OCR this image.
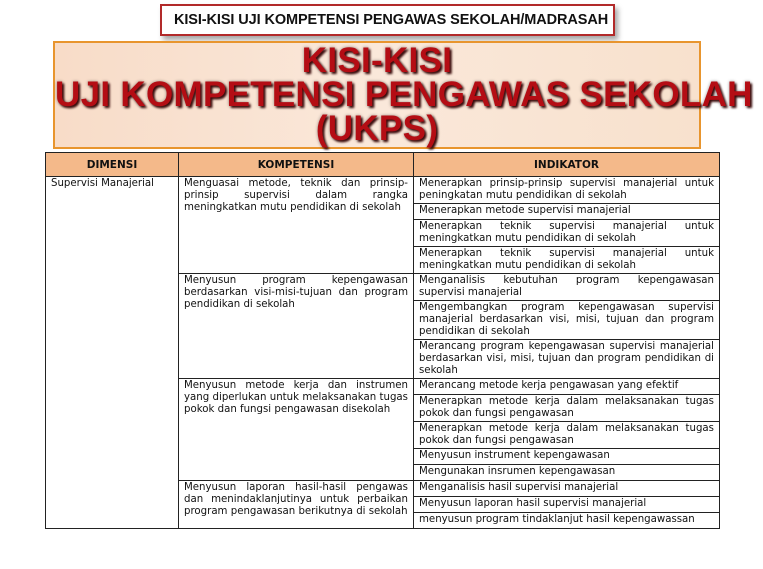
KISI-KISI UJI KOMPETENSI PENGAWAS SEKOLAH/MADRASAH
KISI-KISI
UJI KOMPETENSI PENGAWAS SEKOLAH
(UKPS)
DIMENSI	KOMPETENSI	INDIKATOR
Supervisi Manajerial	Menguasai metode, teknik dan prinsip-prinsip supervisi dalam rangka meningkatkan mutu pendidikan di sekolah	Menerapkan prinsip-prinsip supervisi manajerial untuk peningkatan mutu pendidikan di sekolah
		Menerapkan metode supervisi manajerial
		Menerapkan teknik supervisi manajerial untuk meningkatkan mutu pendidikan di sekolah
		Menerapkan teknik supervisi manajerial untuk meningkatkan mutu pendidikan di sekolah
	Menyusun program kepengawasan berdasarkan visi-misi-tujuan dan program pendidikan di sekolah	Menganalisis kebutuhan program kepengawasan supervisi manajerial
		Mengembangkan program kepengawasan supervisi manajerial berdasarkan visi, misi, tujuan dan program pendidikan di sekolah
		Merancang program kepengawasan supervisi manajerial berdasarkan visi, misi, tujuan dan program pendidikan di sekolah
	Menyusun metode kerja dan instrumen yang diperlukan untuk melaksanakan tugas pokok dan fungsi pengawasan disekolah	Merancang metode kerja pengawasan yang efektif
		Menerapkan metode kerja dalam melaksanakan tugas pokok dan fungsi pengawasan
		Menerapkan metode kerja dalam melaksanakan tugas pokok dan fungsi pengawasan
		Menyusun instrument kepengawasan
		Mengunakan insrumen kepengawasan
	Menyusun laporan hasil-hasil pengawas dan menindaklanjutinya untuk perbaikan program pengawasan berikutnya di sekolah	Menganalisis hasil supervisi manajerial
		Menyusun laporan hasil supervisi manajerial
		menyusun program tindaklanjut hasil kepengawassan
